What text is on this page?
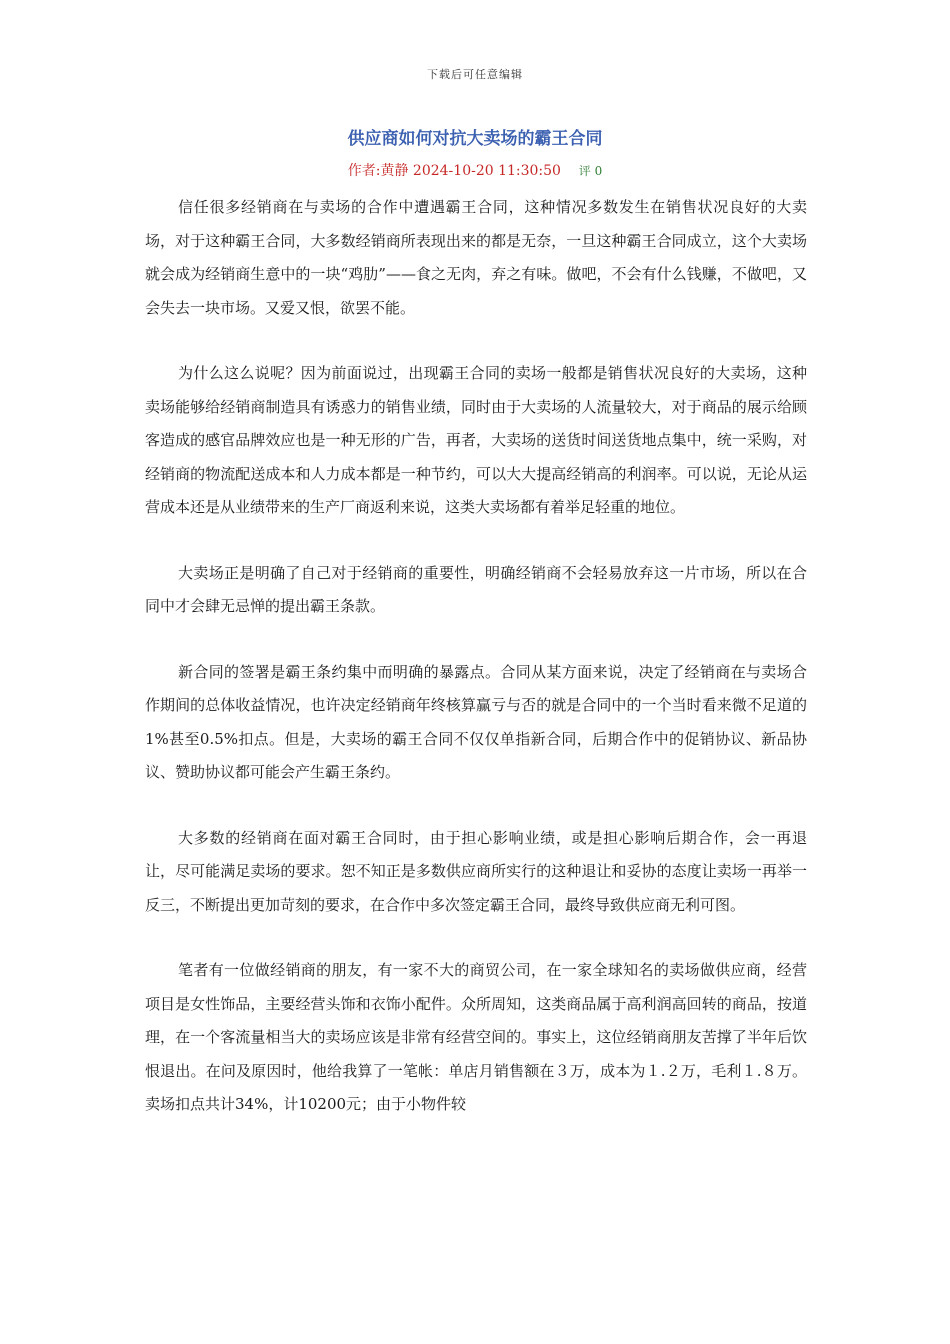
下载后可任意编辑
供应商如何对抗大卖场的霸王合同
作者:黄静 2024-10-20 11:30:50 评 0

信任很多经销商在与卖场的合作中遭遇霸王合同，这种情况多数发生在销售状况良好的大卖场，对于这种霸王合同，大多数经销商所表现出来的都是无奈，一旦这种霸王合同成立，这个大卖场就会成为经销商生意中的一块“鸡肋”——食之无肉，弃之有味。做吧，不会有什么钱赚，不做吧，又会失去一块市场。又爱又恨，欲罢不能。

为什么这么说呢？因为前面说过，出现霸王合同的卖场一般都是销售状况良好的大卖场，这种卖场能够给经销商制造具有诱惑力的销售业绩，同时由于大卖场的人流量较大，对于商品的展示给顾客造成的感官品牌效应也是一种无形的广告，再者，大卖场的送货时间送货地点集中，统一采购，对经销商的物流配送成本和人力成本都是一种节约，可以大大提高经销高的利润率。可以说，无论从运营成本还是从业绩带来的生产厂商返利来说，这类大卖场都有着举足轻重的地位。

大卖场正是明确了自己对于经销商的重要性，明确经销商不会轻易放弃这一片市场，所以在合同中才会肆无忌惮的提出霸王条款。

新合同的签署是霸王条约集中而明确的暴露点。合同从某方面来说，决定了经销商在与卖场合作期间的总体收益情况，也许决定经销商年终核算赢亏与否的就是合同中的一个当时看来微不足道的1%甚至0.5%扣点。但是，大卖场的霸王合同不仅仅单指新合同，后期合作中的促销协议、新品协议、赞助协议都可能会产生霸王条约。

大多数的经销商在面对霸王合同时，由于担心影响业绩，或是担心影响后期合作，会一再退让，尽可能满足卖场的要求。恕不知正是多数供应商所实行的这种退让和妥协的态度让卖场一再举一反三，不断提出更加苛刻的要求，在合作中多次签定霸王合同，最终导致供应商无利可图。

笔者有一位做经销商的朋友，有一家不大的商贸公司，在一家全球知名的卖场做供应商，经营项目是女性饰品，主要经营头饰和衣饰小配件。众所周知，这类商品属于高利润高回转的商品，按道理，在一个客流量相当大的卖场应该是非常有经营空间的。事实上，这位经销商朋友苦撑了半年后饮恨退出。在问及原因时，他给我算了一笔帐：单店月销售额在３万，成本为１.２万，毛利１.８万。卖场扣点共计34%，计10200元；由于小物件较
